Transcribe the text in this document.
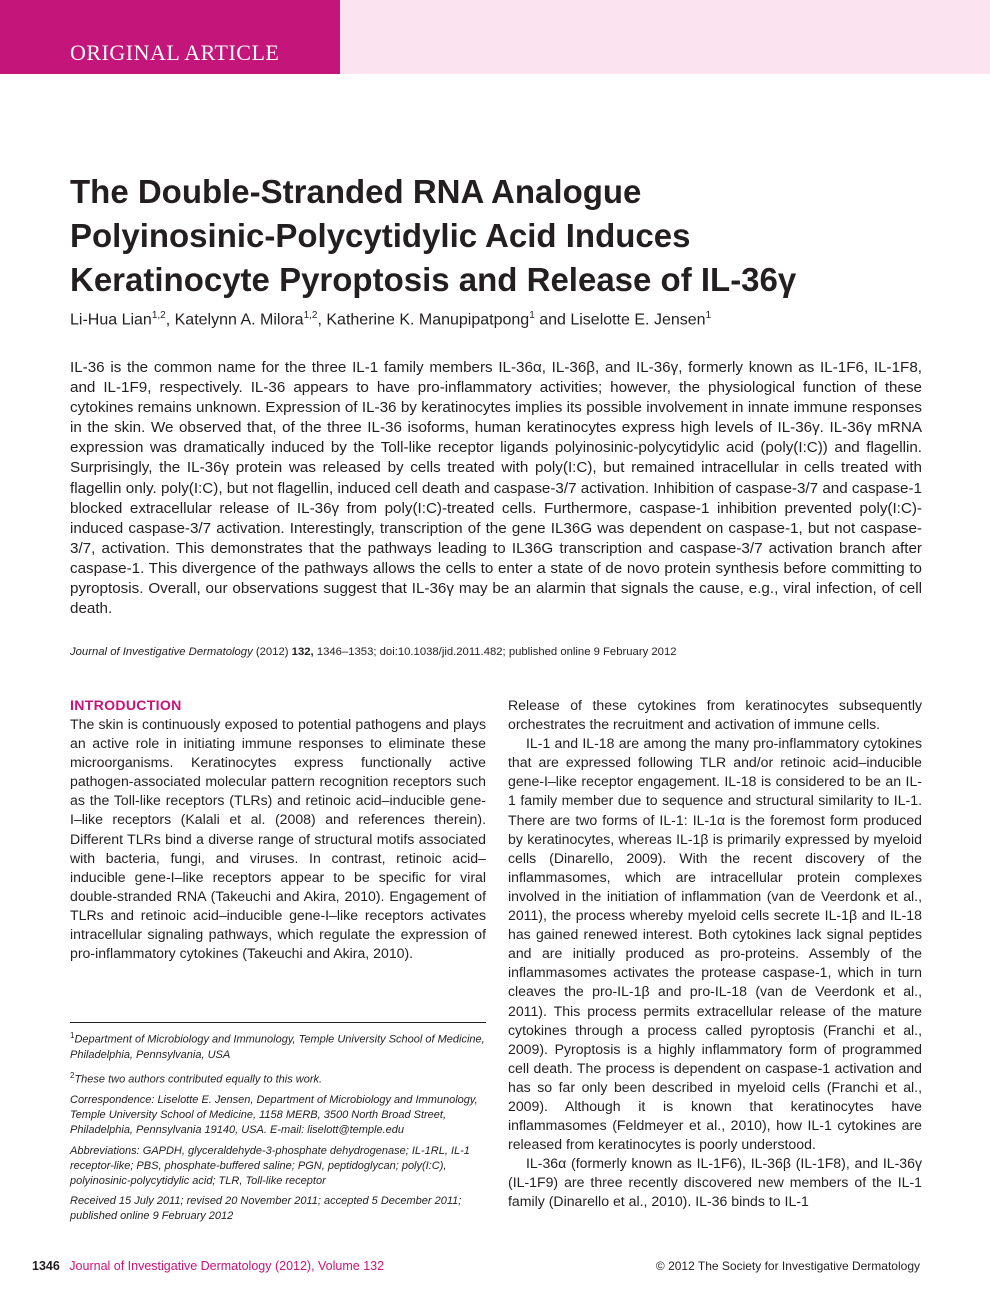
ORIGINAL ARTICLE
The Double-Stranded RNA Analogue
Polyinosinic-Polycytidylic Acid Induces
Keratinocyte Pyroptosis and Release of IL-36γ
Li-Hua Lian$^{1,2}$, Katelynn A. Milora$^{1,2}$, Katherine K. Manupipatpong$^1$ and Liselotte E. Jensen$^1$
IL-36 is the common name for the three IL-1 family members IL-36α, IL-36β, and IL-36γ, formerly known as IL-1F6, IL-1F8, and IL-1F9, respectively. IL-36 appears to have pro-inflammatory activities; however, the physiological function of these cytokines remains unknown. Expression of IL-36 by keratinocytes implies its possible involvement in innate immune responses in the skin. We observed that, of the three IL-36 isoforms, human keratinocytes express high levels of IL-36γ. IL-36γ mRNA expression was dramatically induced by the Toll-like receptor ligands polyinosinic-polycytidylic acid (poly(I:C)) and flagellin. Surprisingly, the IL-36γ protein was released by cells treated with poly(I:C), but remained intracellular in cells treated with flagellin only. poly(I:C), but not flagellin, induced cell death and caspase-3/7 activation. Inhibition of caspase-3/7 and caspase-1 blocked extracellular release of IL-36γ from poly(I:C)-treated cells. Furthermore, caspase-1 inhibition prevented poly(I:C)-induced caspase-3/7 activation. Interestingly, transcription of the gene IL36G was dependent on caspase-1, but not caspase-3/7, activation. This demonstrates that the pathways leading to IL36G transcription and caspase-3/7 activation branch after caspase-1. This divergence of the pathways allows the cells to enter a state of de novo protein synthesis before committing to pyroptosis. Overall, our observations suggest that IL-36γ may be an alarmin that signals the cause, e.g., viral infection, of cell death.
Journal of Investigative Dermatology (2012) 132, 1346–1353; doi:10.1038/jid.2011.482; published online 9 February 2012
INTRODUCTION

The skin is continuously exposed to potential pathogens and plays an active role in initiating immune responses to eliminate these microorganisms. Keratinocytes express functionally active pathogen-associated molecular pattern recognition receptors such as the Toll-like receptors (TLRs) and retinoic acid–inducible gene-I–like receptors (Kalali et al. (2008) and references therein). Different TLRs bind a diverse range of structural motifs associated with bacteria, fungi, and viruses. In contrast, retinoic acid–inducible gene-I–like receptors appear to be specific for viral double-stranded RNA (Takeuchi and Akira, 2010). Engagement of TLRs and retinoic acid–inducible gene-I–like receptors activates intracellular signaling pathways, which regulate the expression of pro-inflammatory cytokines (Takeuchi and Akira, 2010).

Release of these cytokines from keratinocytes subsequently orchestrates the recruitment and activation of immune cells.

IL-1 and IL-18 are among the many pro-inflammatory cytokines that are expressed following TLR and/or retinoic acid–inducible gene-I–like receptor engagement. IL-18 is considered to be an IL-1 family member due to sequence and structural similarity to IL-1. There are two forms of IL-1: IL-1α is the foremost form produced by keratinocytes, whereas IL-1β is primarily expressed by myeloid cells (Dinarello, 2009). With the recent discovery of the inflammasomes, which are intracellular protein complexes involved in the initiation of inflammation (van de Veerdonk et al., 2011), the process whereby myeloid cells secrete IL-1β and IL-18 has gained renewed interest. Both cytokines lack signal peptides and are initially produced as pro-proteins. Assembly of the inflammasomes activates the protease caspase-1, which in turn cleaves the pro-IL-1β and pro-IL-18 (van de Veerdonk et al., 2011). This process permits extracellular release of the mature cytokines through a process called pyroptosis (Franchi et al., 2009). Pyroptosis is a highly inflammatory form of programmed cell death. The process is dependent on caspase-1 activation and has so far only been described in myeloid cells (Franchi et al., 2009). Although it is known that keratinocytes have inflammasomes (Feldmeyer et al., 2010), how IL-1 cytokines are released from keratinocytes is poorly understood.

IL-36α (formerly known as IL-1F6), IL-36β (IL-1F8), and IL-36γ (IL-1F9) are three recently discovered new members of the IL-1 family (Dinarello et al., 2010). IL-36 binds to IL-1

$^1$Department of Microbiology and Immunology, Temple University School of Medicine, Philadelphia, Pennsylvania, USA

$^2$These two authors contributed equally to this work.

Correspondence: Liselotte E. Jensen, Department of Microbiology and Immunology, Temple University School of Medicine, 1158 MERB, 3500 North Broad Street, Philadelphia, Pennsylvania 19140, USA. E-mail: liselott@temple.edu

Abbreviations: GAPDH, glyceraldehyde-3-phosphate dehydrogenase; IL-1RL, IL-1 receptor-like; PBS, phosphate-buffered saline; PGN, peptidoglycan; poly(I:C), polyinosinic-polycytidylic acid; TLR, Toll-like receptor

Received 15 July 2011; revised 20 November 2011; accepted 5 December 2011; published online 9 February 2012

1346 Journal of Investigative Dermatology (2012), Volume 132	© 2012 The Society for Investigative Dermatology
